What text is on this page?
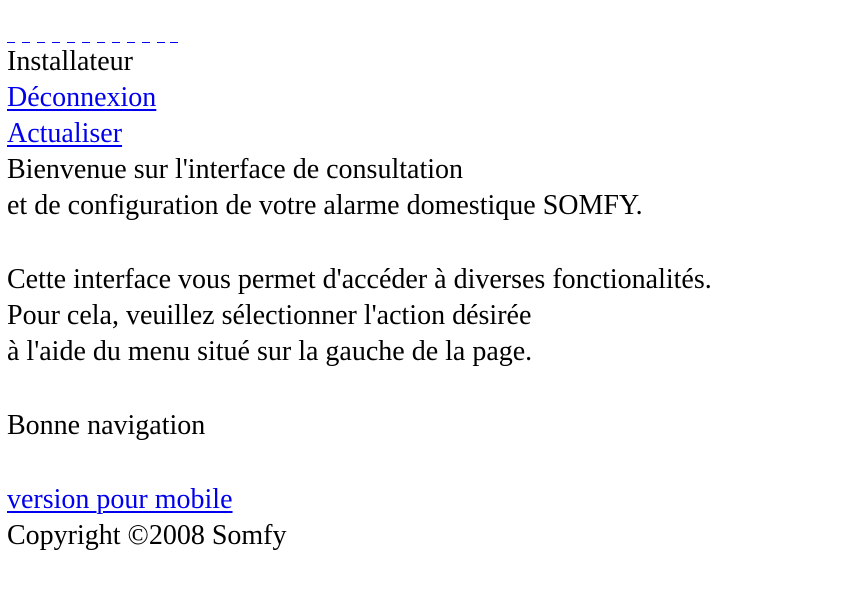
Installateur
Déconnexion
Actualiser
Bienvenue sur l'interface de consultation
et de configuration de votre alarme domestique SOMFY.
Cette interface vous permet d'accéder à diverses fonctionalités.
Pour cela, veuillez sélectionner l'action désirée
à l'aide du menu situé sur la gauche de la page.
Bonne navigation
version pour mobile
Copyright ©2008 Somfy
